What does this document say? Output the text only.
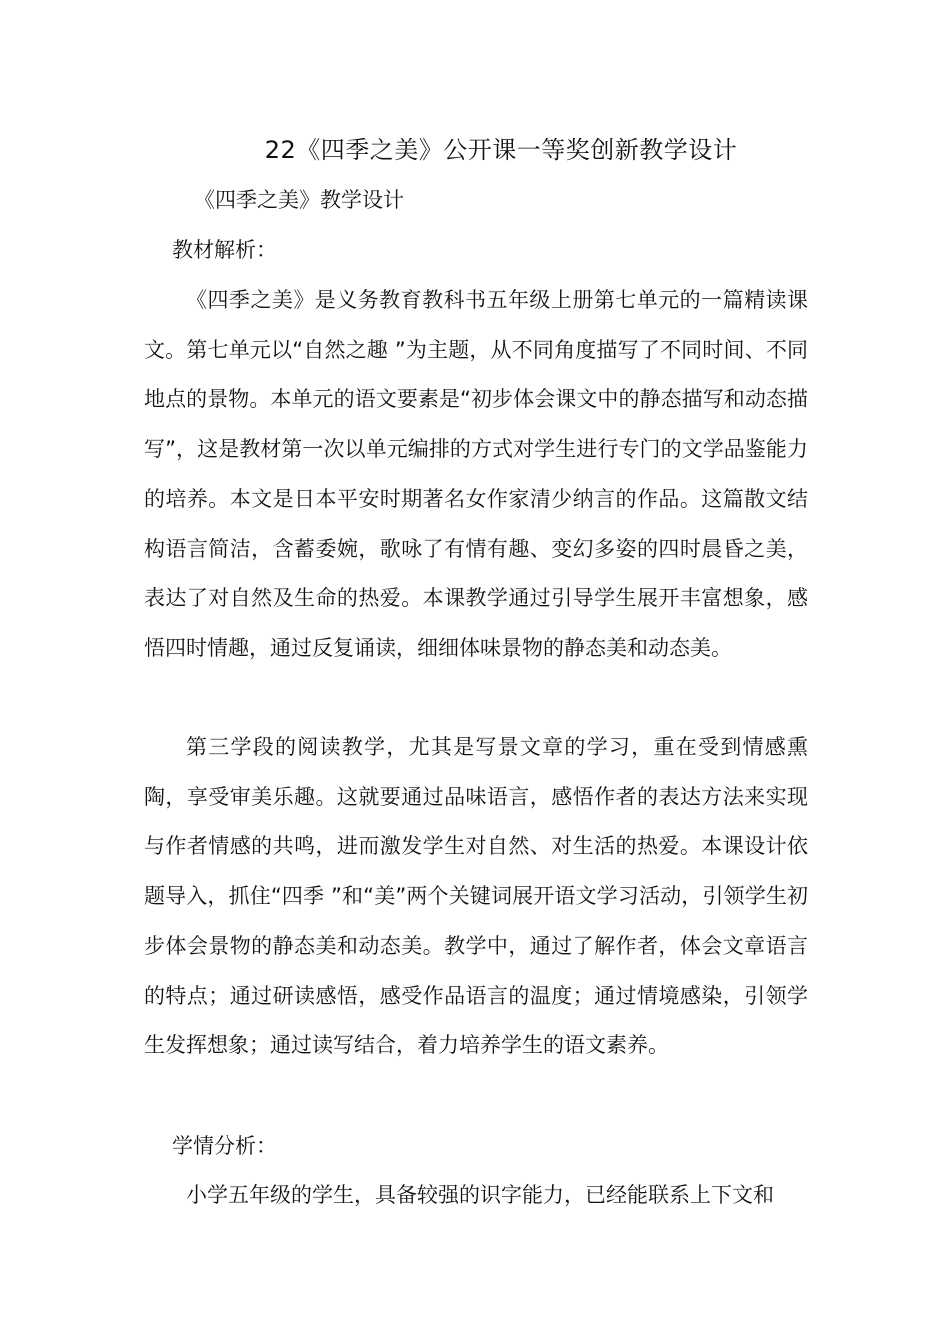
22《四季之美》公开课一等奖创新教学设计

《四季之美》教学设计

教材解析：

《四季之美》是义务教育教科书五年级上册第七单元的一篇精读课文。第七单元以“自然之趣 ”为主题，从不同角度描写了不同时间、不同地点的景物。本单元的语文要素是“初步体会课文中的静态描写和动态描写”，这是教材第一次以单元编排的方式对学生进行专门的文学品鉴能力的培养。本文是日本平安时期著名女作家清少纳言的作品。这篇散文结构语言简洁，含蓄委婉，歌咏了有情有趣、变幻多姿的四时晨昏之美，表达了对自然及生命的热爱。本课教学通过引导学生展开丰富想象，感悟四时情趣，通过反复诵读，细细体味景物的静态美和动态美。

第三学段的阅读教学，尤其是写景文章的学习，重在受到情感熏陶，享受审美乐趣。这就要通过品味语言，感悟作者的表达方法来实现与作者情感的共鸣，进而激发学生对自然、对生活的热爱。本课设计依题导入，抓住“四季 ”和“美”两个关键词展开语文学习活动，引领学生初步体会景物的静态美和动态美。教学中，通过了解作者，体会文章语言的特点；通过研读感悟，感受作品语言的温度；通过情境感染，引领学生发挥想象；通过读写结合，着力培养学生的语文素养。

学情分析：

小学五年级的学生，具备较强的识字能力，已经能联系上下文和
